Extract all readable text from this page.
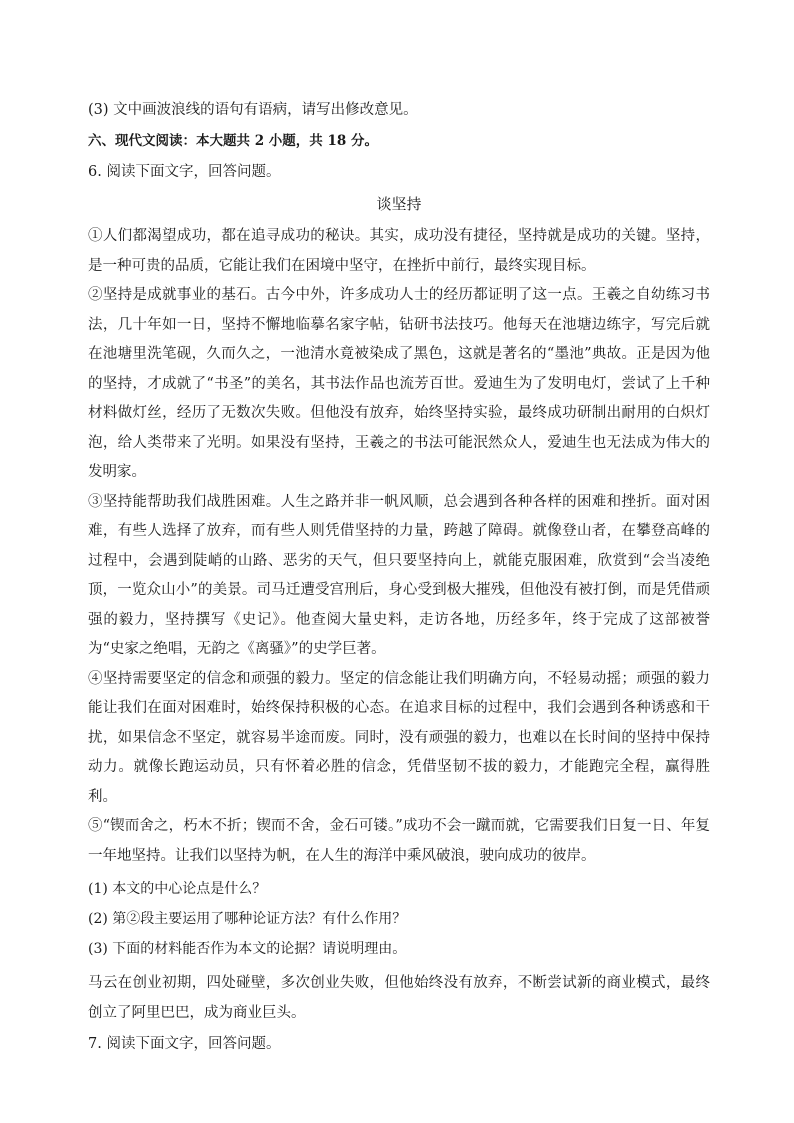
(3) 文中画波浪线的语句有语病，请写出修改意见。

六、现代文阅读：本大题共 2 小题，共 18 分。

6. 阅读下面文字，回答问题。

谈坚持

①人们都渴望成功，都在追寻成功的秘诀。其实，成功没有捷径，坚持就是成功的关键。坚持，是一种可贵的品质，它能让我们在困境中坚守，在挫折中前行，最终实现目标。

②坚持是成就事业的基石。古今中外，许多成功人士的经历都证明了这一点。王羲之自幼练习书法，几十年如一日，坚持不懈地临摹名家字帖，钻研书法技巧。他每天在池塘边练字，写完后就在池塘里洗笔砚，久而久之，一池清水竟被染成了黑色，这就是著名的“墨池”典故。正是因为他的坚持，才成就了“书圣”的美名，其书法作品也流芳百世。爱迪生为了发明电灯，尝试了上千种材料做灯丝，经历了无数次失败。但他没有放弃，始终坚持实验，最终成功研制出耐用的白炽灯泡，给人类带来了光明。如果没有坚持，王羲之的书法可能泯然众人，爱迪生也无法成为伟大的发明家。

③坚持能帮助我们战胜困难。人生之路并非一帆风顺，总会遇到各种各样的困难和挫折。面对困难，有些人选择了放弃，而有些人则凭借坚持的力量，跨越了障碍。就像登山者，在攀登高峰的过程中，会遇到陡峭的山路、恶劣的天气，但只要坚持向上，就能克服困难，欣赏到“会当凌绝顶，一览众山小”的美景。司马迁遭受宫刑后，身心受到极大摧残，但他没有被打倒，而是凭借顽强的毅力，坚持撰写《史记》。他查阅大量史料，走访各地，历经多年，终于完成了这部被誉为“史家之绝唱，无韵之《离骚》”的史学巨著。

④坚持需要坚定的信念和顽强的毅力。坚定的信念能让我们明确方向，不轻易动摇；顽强的毅力能让我们在面对困难时，始终保持积极的心态。在追求目标的过程中，我们会遇到各种诱惑和干扰，如果信念不坚定，就容易半途而废。同时，没有顽强的毅力，也难以在长时间的坚持中保持动力。就像长跑运动员，只有怀着必胜的信念，凭借坚韧不拔的毅力，才能跑完全程，赢得胜利。

⑤“锲而舍之，朽木不折；锲而不舍，金石可镂。”成功不会一蹴而就，它需要我们日复一日、年复一年地坚持。让我们以坚持为帆，在人生的海洋中乘风破浪，驶向成功的彼岸。

(1) 本文的中心论点是什么？

(2) 第②段主要运用了哪种论证方法？有什么作用？

(3) 下面的材料能否作为本文的论据？请说明理由。

马云在创业初期，四处碰壁，多次创业失败，但他始终没有放弃，不断尝试新的商业模式，最终创立了阿里巴巴，成为商业巨头。

7. 阅读下面文字，回答问题。
